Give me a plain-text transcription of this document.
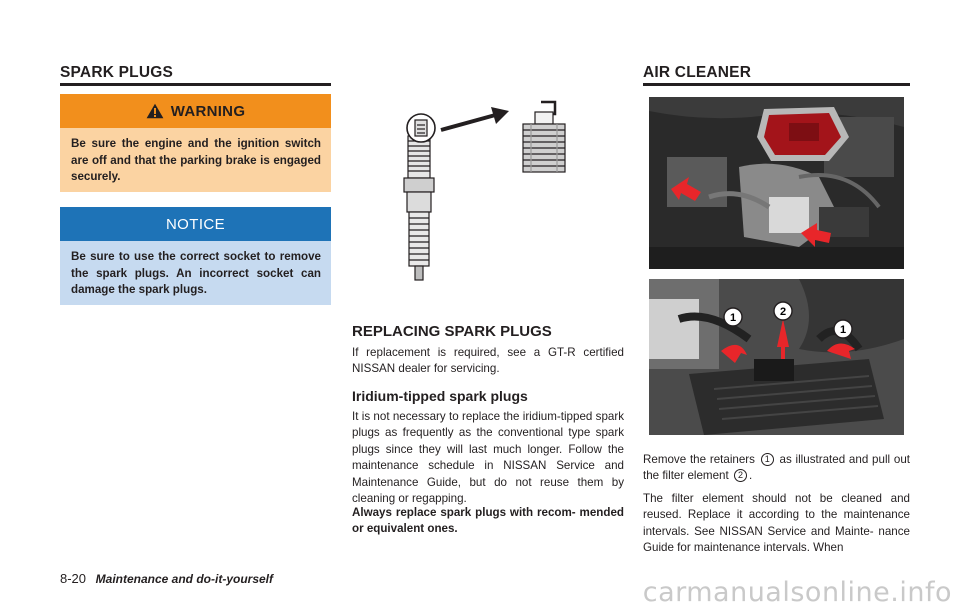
SPARK PLUGS
WARNING
Be sure the engine and the ignition switch are off and that the parking brake is engaged securely.
NOTICE
Be sure to use the correct socket to remove the spark plugs. An incorrect socket can damage the spark plugs.
REPLACING SPARK PLUGS
If replacement is required, see a GT-R certified NISSAN dealer for servicing.
Iridium-tipped spark plugs
It is not necessary to replace the iridium-tipped spark plugs as frequently as the conventional type spark plugs since they will last much longer. Follow the maintenance schedule in NISSAN Service and Maintenance Guide, but do not reuse them by cleaning or regapping.
Always replace spark plugs with recom- mended or equivalent ones.
AIR CLEANER
1	2
1
Remove the retainers 1 as illustrated and pull out the filter element 2 .
The filter element should not be cleaned and reused. Replace it according to the maintenance intervals. See NISSAN Service and Mainte- nance Guide for maintenance intervals. When
8-20 Maintenance and do-it-yourself	carmanualsonline.info
